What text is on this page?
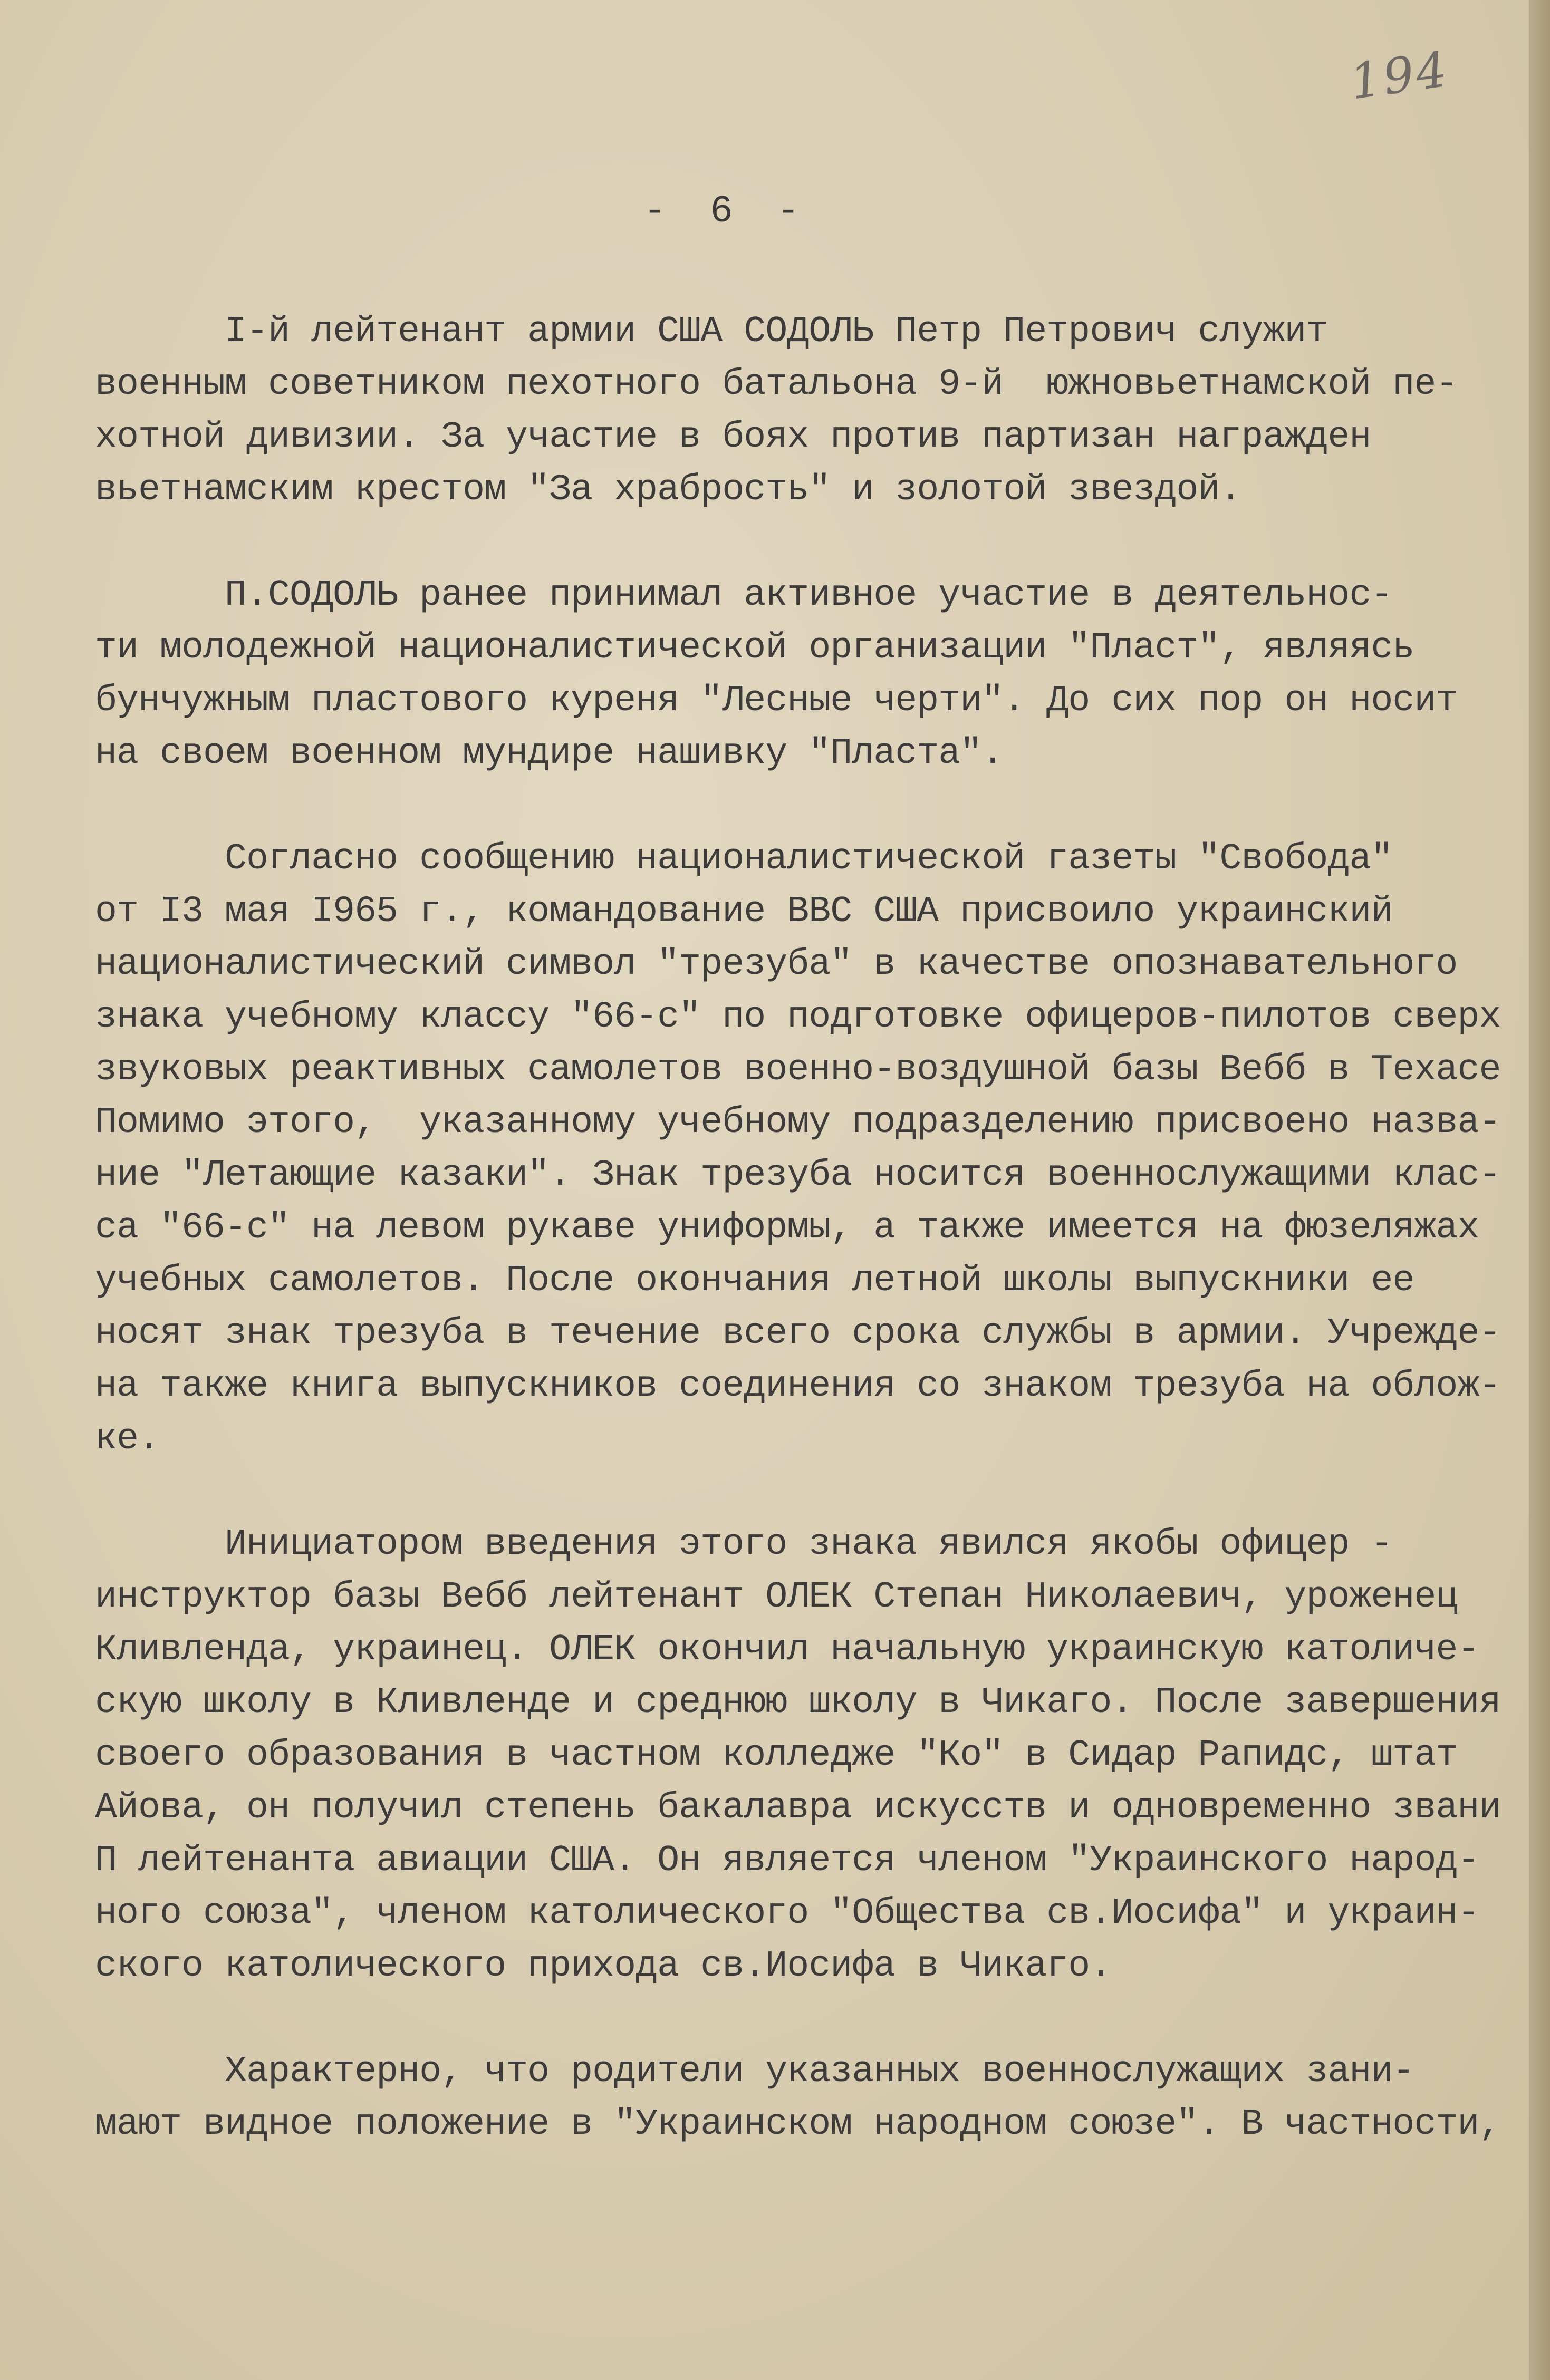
194
- 6 -
I-й лейтенант армии США СОДОЛЬ Петр Петрович служит
военным советником пехотного батальона 9-й  южновьетнамской пе-
хотной дивизии. За участие в боях против партизан награжден
вьетнамским крестом "За храбрость" и золотой звездой.
П.СОДОЛЬ ранее принимал активное участие в деятельнос-
ти молодежной националистической организации "Пласт", являясь
бунчужным пластового куреня "Лесные черти". До сих пор он носит
на своем военном мундире нашивку "Пласта".
Согласно сообщению националистической газеты "Свобода"
от I3 мая I965 г., командование ВВС США присвоило украинский
националистический символ "трезуба" в качестве опознавательного
знака учебному классу "66-с" по подготовке офицеров-пилотов сверх
звуковых реактивных самолетов военно-воздушной базы Вебб в Техасе
Помимо этого,  указанному учебному подразделению присвоено назва-
ние "Летающие казаки". Знак трезуба носится военнослужащими клас-
са "66-с" на левом рукаве униформы, а также имеется на фюзеляжах
учебных самолетов. После окончания летной школы выпускники ее
носят знак трезуба в течение всего срока службы в армии. Учрежде-
на также книга выпускников соединения со знаком трезуба на облож-
ке.
Инициатором введения этого знака явился якобы офицер -
инструктор базы Вебб лейтенант ОЛЕК Степан Николаевич, уроженец
Кливленда, украинец. ОЛЕК окончил начальную украинскую католиче-
скую школу в Кливленде и среднюю школу в Чикаго. После завершения
своего образования в частном колледже "Ко" в Сидар Рапидс, штат
Айова, он получил степень бакалавра искусств и одновременно звани
П лейтенанта авиации США. Он является членом "Украинского народ-
ного союза", членом католического "Общества св.Иосифа" и украин-
ского католического прихода св.Иосифа в Чикаго.
Характерно, что родители указанных военнослужащих зани-
мают видное положение в "Украинском народном союзе". В частности,
